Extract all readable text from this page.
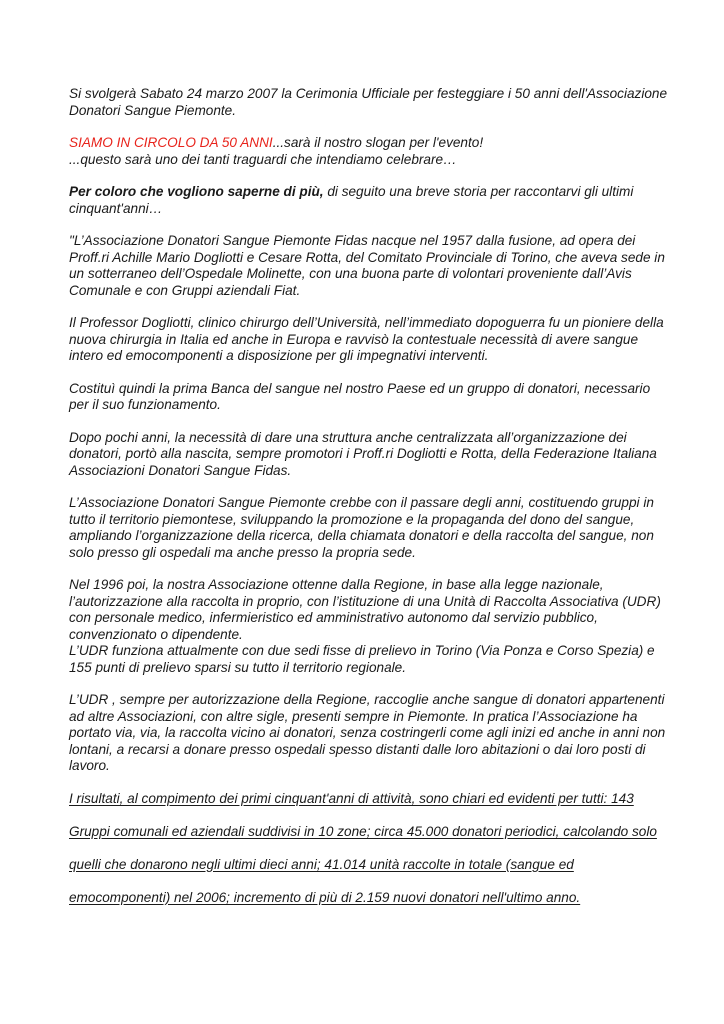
Si svolgerà Sabato 24 marzo 2007 la Cerimonia Ufficiale per festeggiare i 50 anni dell'Associazione Donatori Sangue Piemonte.

SIAMO IN CIRCOLO DA 50 ANNI...sarà il nostro slogan per l'evento!

...questo sarà uno dei tanti traguardi che intendiamo celebrare…

Per coloro che vogliono saperne di più, di seguito una breve storia per raccontarvi gli ultimi cinquant'anni…

"L’Associazione Donatori Sangue Piemonte Fidas nacque nel 1957 dalla fusione, ad opera dei Proff.ri Achille Mario Dogliotti e Cesare Rotta, del Comitato Provinciale di Torino, che aveva sede in un sotterraneo dell’Ospedale Molinette, con una buona parte di volontari proveniente dall’Avis Comunale e con Gruppi aziendali Fiat.

Il Professor Dogliotti, clinico chirurgo dell’Università, nell’immediato dopoguerra fu un pioniere della nuova chirurgia in Italia ed anche in Europa e ravvisò la contestuale necessità di avere sangue intero ed emocomponenti a disposizione per gli impegnativi interventi.

Costituì quindi la prima Banca del sangue nel nostro Paese ed un gruppo di donatori, necessario per il suo funzionamento.

Dopo pochi anni, la necessità di dare una struttura anche centralizzata all’organizzazione dei donatori, portò alla nascita, sempre promotori i Proff.ri Dogliotti e Rotta, della Federazione Italiana Associazioni Donatori Sangue Fidas.

L’Associazione Donatori Sangue Piemonte crebbe con il passare degli anni, costituendo gruppi in tutto il territorio piemontese, sviluppando la promozione e la propaganda del dono del sangue, ampliando l’organizzazione della ricerca, della chiamata donatori e della raccolta del sangue, non solo presso gli ospedali ma anche presso la propria sede.

Nel 1996 poi, la nostra Associazione ottenne dalla Regione, in base alla legge nazionale, l’autorizzazione alla raccolta in proprio, con l’istituzione di una Unità di Raccolta Associativa (UDR) con personale medico, infermieristico ed amministrativo autonomo dal servizio pubblico, convenzionato o dipendente.

L’UDR funziona attualmente con due sedi fisse di prelievo in Torino (Via Ponza e Corso Spezia) e 155 punti di prelievo sparsi su tutto il territorio regionale.

L’UDR , sempre per autorizzazione della Regione, raccoglie anche sangue di donatori appartenenti ad altre Associazioni, con altre sigle, presenti sempre in Piemonte. In pratica l’Associazione ha portato via, via, la raccolta vicino ai donatori, senza costringerli come agli inizi ed anche in anni non lontani, a recarsi a donare presso ospedali spesso distanti dalle loro abitazioni o dai loro posti di lavoro.

I risultati, al compimento dei primi cinquant'anni di attività, sono chiari ed evidenti per tutti: 143

Gruppi comunali ed aziendali suddivisi in 10 zone; circa 45.000 donatori periodici, calcolando solo

quelli che donarono negli ultimi dieci anni; 41.014 unità raccolte in totale (sangue ed

emocomponenti) nel 2006; incremento di più di 2.159 nuovi donatori nell'ultimo anno.
